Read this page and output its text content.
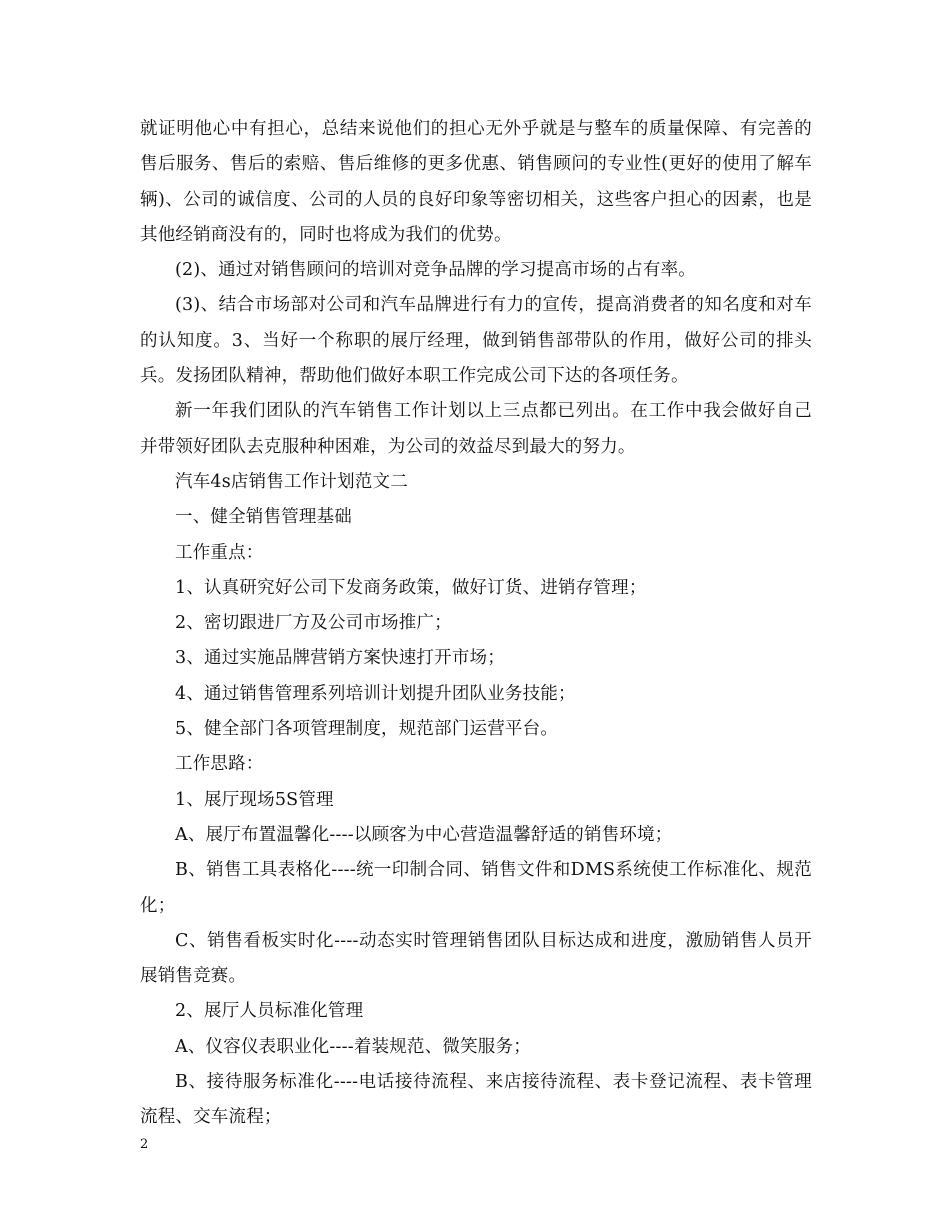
就证明他心中有担心，总结来说他们的担心无外乎就是与整车的质量保障、有完善的售后服务、售后的索赔、售后维修的更多优惠、销售顾问的专业性(更好的使用了解车辆)、公司的诚信度、公司的人员的良好印象等密切相关，这些客户担心的因素，也是其他经销商没有的，同时也将成为我们的优势。

(2)、通过对销售顾问的培训对竞争品牌的学习提高市场的占有率。

(3)、结合市场部对公司和汽车品牌进行有力的宣传，提高消费者的知名度和对车的认知度。3、当好一个称职的展厅经理，做到销售部带队的作用，做好公司的排头兵。发扬团队精神，帮助他们做好本职工作完成公司下达的各项任务。

新一年我们团队的汽车销售工作计划以上三点都已列出。在工作中我会做好自己并带领好团队去克服种种困难，为公司的效益尽到最大的努力。

汽车4s店销售工作计划范文二

一、健全销售管理基础

工作重点：

1、认真研究好公司下发商务政策，做好订货、进销存管理；

2、密切跟进厂方及公司市场推广；

3、通过实施品牌营销方案快速打开市场；

4、通过销售管理系列培训计划提升团队业务技能；

5、健全部门各项管理制度，规范部门运营平台。

工作思路：

1、展厅现场5S管理

A、展厅布置温馨化----以顾客为中心营造温馨舒适的销售环境；

B、销售工具表格化----统一印制合同、销售文件和DMS系统使工作标准化、规范化；

C、销售看板实时化----动态实时管理销售团队目标达成和进度，激励销售人员开展销售竞赛。

2、展厅人员标准化管理

A、仪容仪表职业化----着装规范、微笑服务；

B、接待服务标准化----电话接待流程、来店接待流程、表卡登记流程、表卡管理流程、交车流程；

2
